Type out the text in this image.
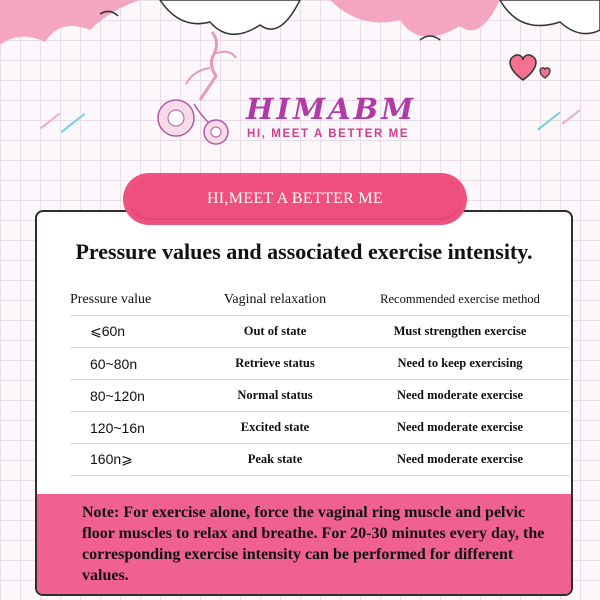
HIMABM
HI, MEET A BETTER ME
Pressure values and associated exercise intensity.
Pressure value	Vaginal relaxation	Recommended exercise method
⩽60n	Out of state	Must strengthen exercise
60~80n	Retrieve status	Need to keep exercising
80~120n	Normal status	Need moderate exercise
120~16n	Excited state	Need moderate exercise
160n⩾	Peak state	Need moderate exercise
Note: For exercise alone, force the vaginal ring muscle and pelvic floor muscles to relax and breathe. For 20-30 minutes every day, the corresponding exercise intensity can be performed for different values.
HI,MEET A BETTER ME
